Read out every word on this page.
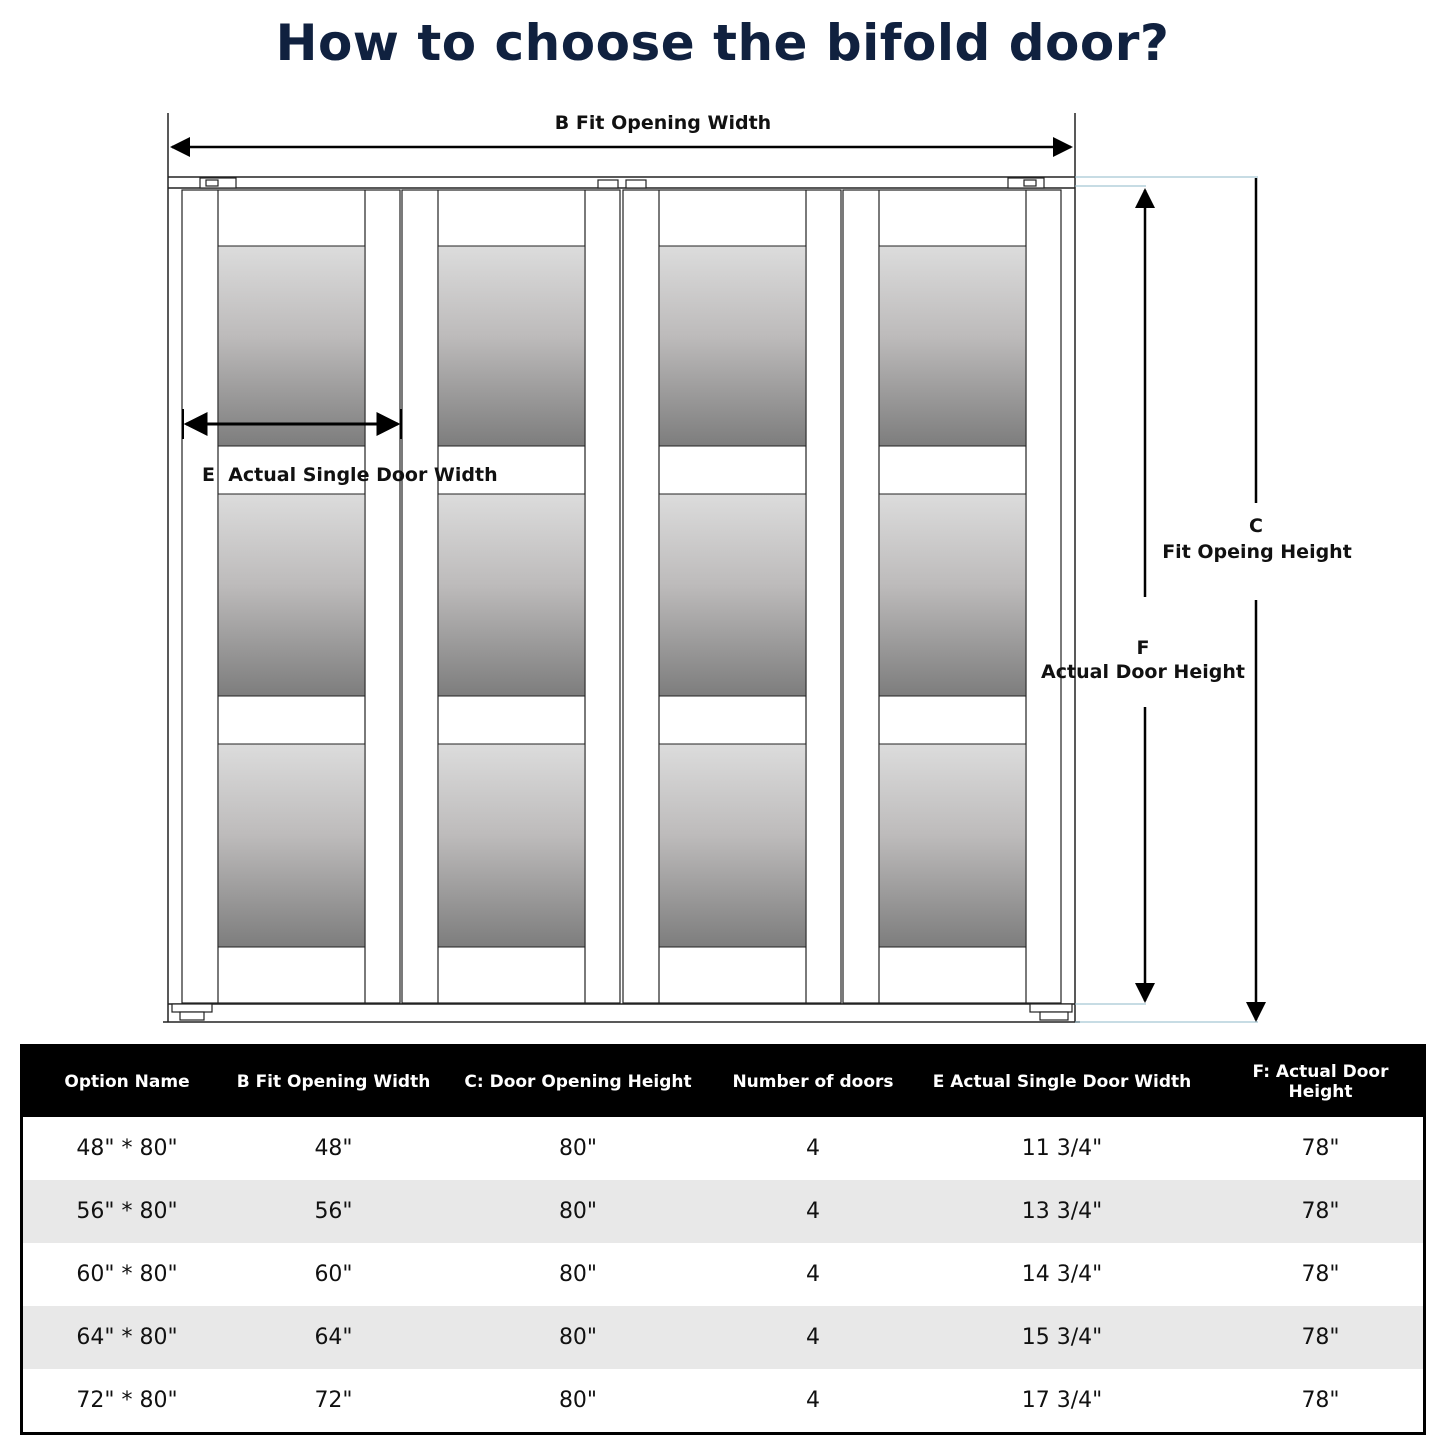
How to choose the bifold door?
B Fit Opening Width
E  Actual Single Door Width
C
Fit Opeing Height
F
Actual Door Height
Option Name	B Fit Opening Width	C: Door Opening Height	Number of doors	E Actual Single Door Width	F: Actual Door Height
48" * 80"	48"	80"	4	11 3/4"	78"
56" * 80"	56"	80"	4	13 3/4"	78"
60" * 80"	60"	80"	4	14 3/4"	78"
64" * 80"	64"	80"	4	15 3/4"	78"
72" * 80"	72"	80"	4	17 3/4"	78"
